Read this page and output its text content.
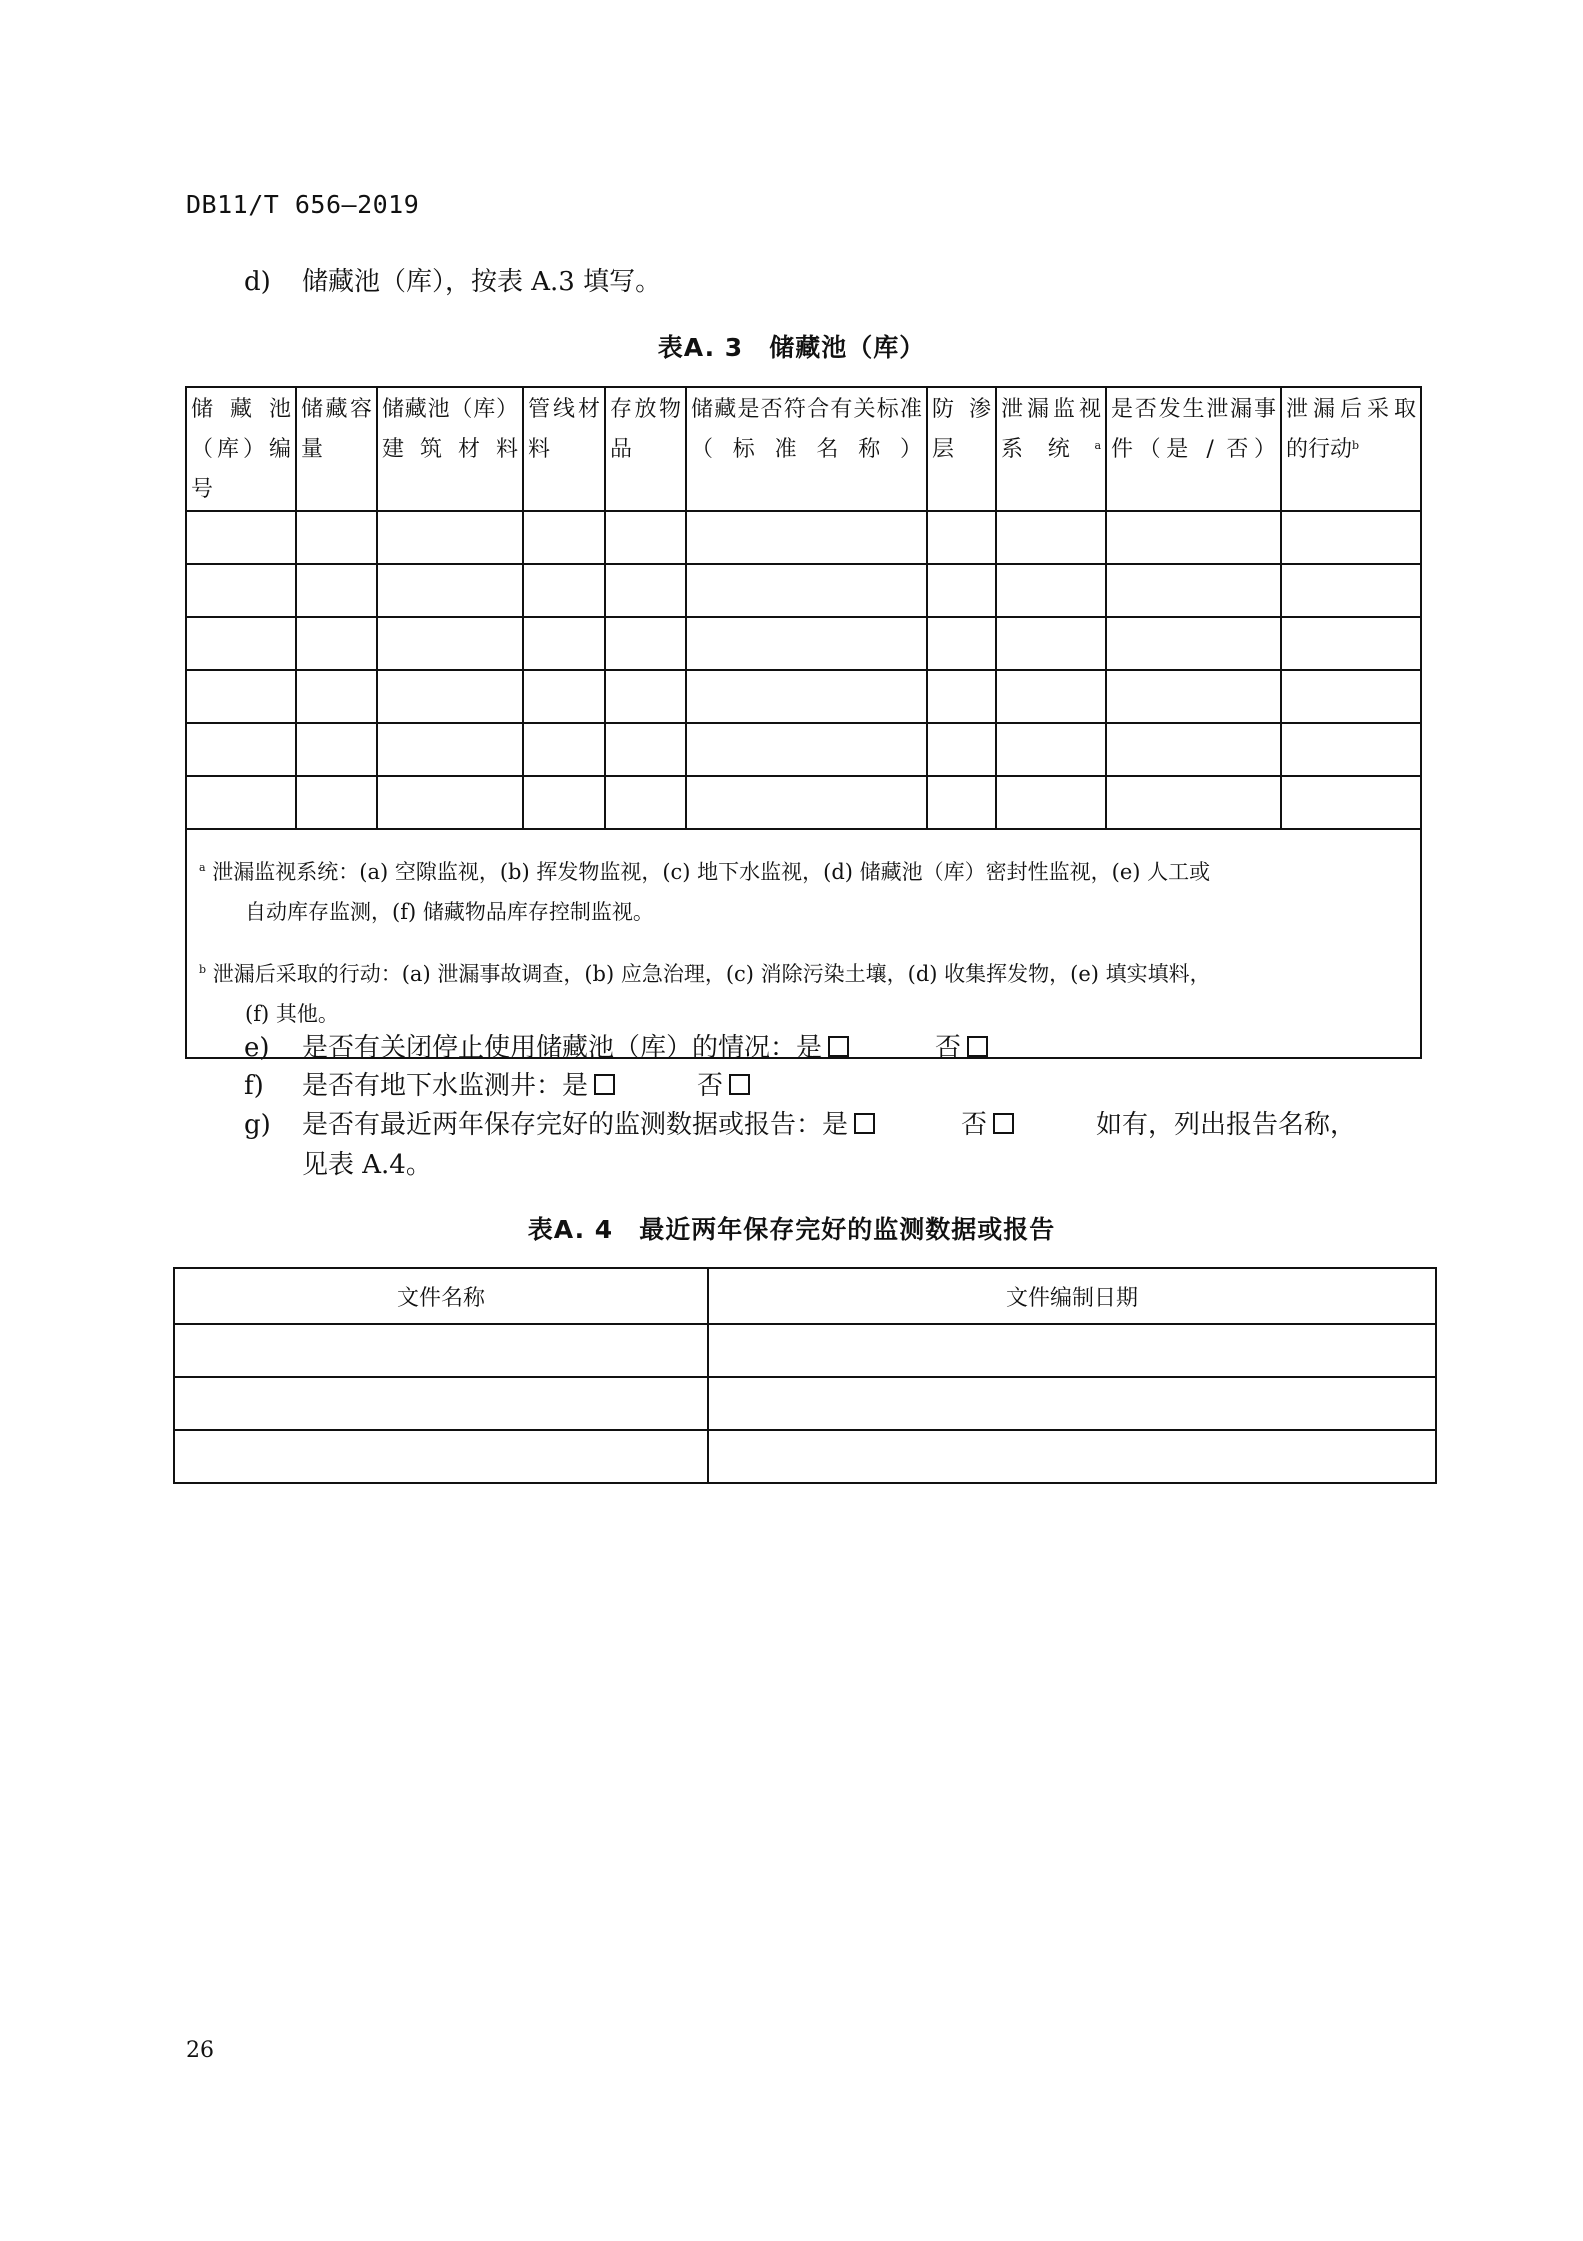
DB11/T 656—2019
d) 储藏池（库），按表 A.3 填写。
表A. 3　储藏池（库）
储藏池（库）编号	储藏容量	储藏池（库）建筑材料	管线材料	存放物品	储藏是否符合有关标准（标准名称）	防渗层	泄漏监视系统$^a$	是否发生泄漏事件（是 / 否）	泄漏后采取的行动$^b$

$^a$ 泄漏监视系统：(a) 空隙监视，(b) 挥发物监视，(c) 地下水监视，(d) 储藏池（库）密封性监视，(e) 人工或
自动库存监测，(f) 储藏物品库存控制监视。
$^b$ 泄漏后采取的行动：(a) 泄漏事故调查，(b) 应急治理，(c) 消除污染土壤，(d) 收集挥发物，(e) 填实填料，
(f) 其他。									
e) 是否有关闭停止使用储藏池（库）的情况：是	否
f) 是否有地下水监测井：是	否
g) 是否有最近两年保存完好的监测数据或报告：是	否	如有，列出报告名称，
见表 A.4。
表A. 4　最近两年保存完好的监测数据或报告
文件名称	文件编制日期

26
